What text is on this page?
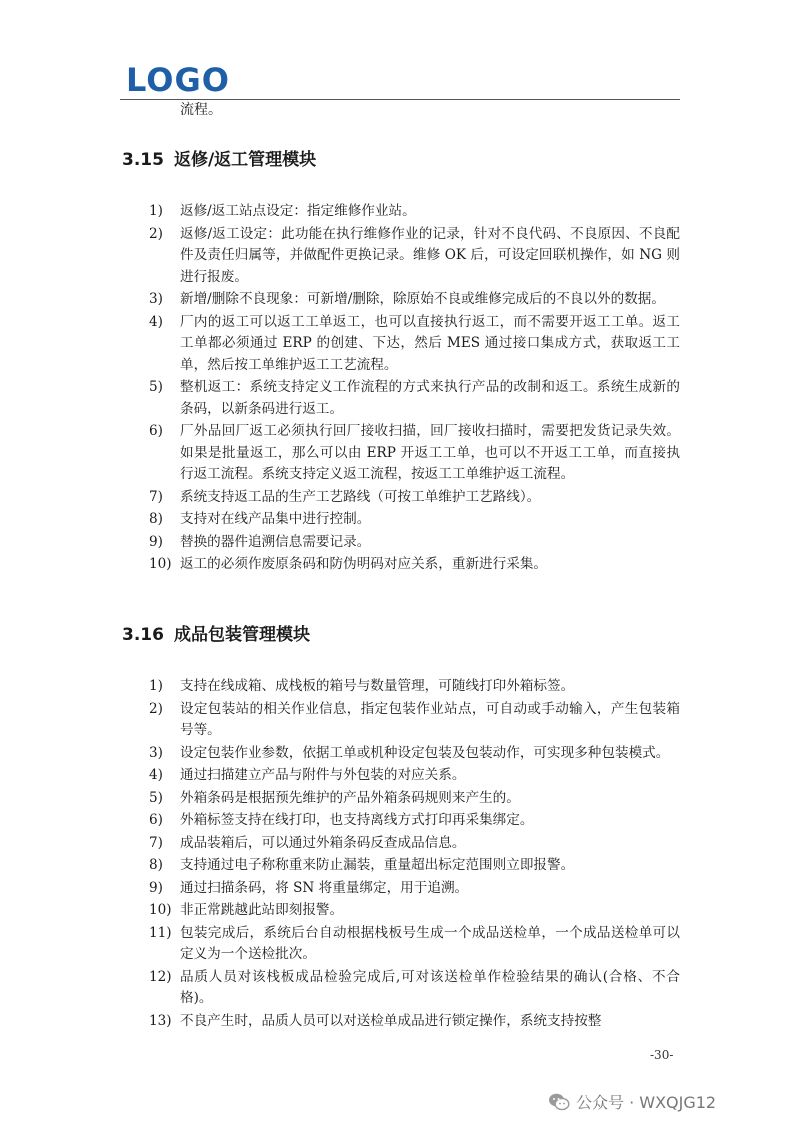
LOGO
流程。
3.15 返修/返工管理模块
1)	返修/返工站点设定：指定维修作业站。
2)	返修/返工设定：此功能在执行维修作业的记录，针对不良代码、不良原因、不良配件及责任归属等，并做配件更换记录。维修 OK 后，可设定回联机操作，如 NG 则进行报废。
3)	新增/删除不良现象：可新增/删除，除原始不良或维修完成后的不良以外的数据。
4)	厂内的返工可以返工工单返工，也可以直接执行返工，而不需要开返工工单。返工工单都必须通过 ERP 的创建、下达，然后 MES 通过接口集成方式，获取返工工单，然后按工单维护返工工艺流程。
5)	整机返工：系统支持定义工作流程的方式来执行产品的改制和返工。系统生成新的条码，以新条码进行返工。
6)	厂外品回厂返工必须执行回厂接收扫描，回厂接收扫描时，需要把发货记录失效。如果是批量返工，那么可以由 ERP 开返工工单，也可以不开返工工单，而直接执行返工流程。系统支持定义返工流程，按返工工单维护返工流程。
7)	系统支持返工品的生产工艺路线（可按工单维护工艺路线）。
8)	支持对在线产品集中进行控制。
9)	替换的器件追溯信息需要记录。
10) 返工的必须作废原条码和防伪明码对应关系，重新进行采集。
3.16 成品包装管理模块
1)	支持在线成箱、成栈板的箱号与数量管理，可随线打印外箱标签。
2)	设定包装站的相关作业信息，指定包装作业站点，可自动或手动输入，产生包装箱号等。
3)	设定包装作业参数，依据工单或机种设定包装及包装动作，可实现多种包装模式。
4)	通过扫描建立产品与附件与外包装的对应关系。
5)	外箱条码是根据预先维护的产品外箱条码规则来产生的。
6)	外箱标签支持在线打印，也支持离线方式打印再采集绑定。
7)	成品装箱后，可以通过外箱条码反查成品信息。
8)	支持通过电子称称重来防止漏装，重量超出标定范围则立即报警。
9)	通过扫描条码，将 SN 将重量绑定，用于追溯。
10) 非正常跳越此站即刻报警。
11) 包装完成后，系统后台自动根据栈板号生成一个成品送检单，一个成品送检单可以定义为一个送检批次。
12) 品质人员对该栈板成品检验完成后,可对该送检单作检验结果的确认(合格、不合格)。
13) 不良产生时，品质人员可以对送检单成品进行锁定操作，系统支持按整
-30-
公众号 · WXQJG12
